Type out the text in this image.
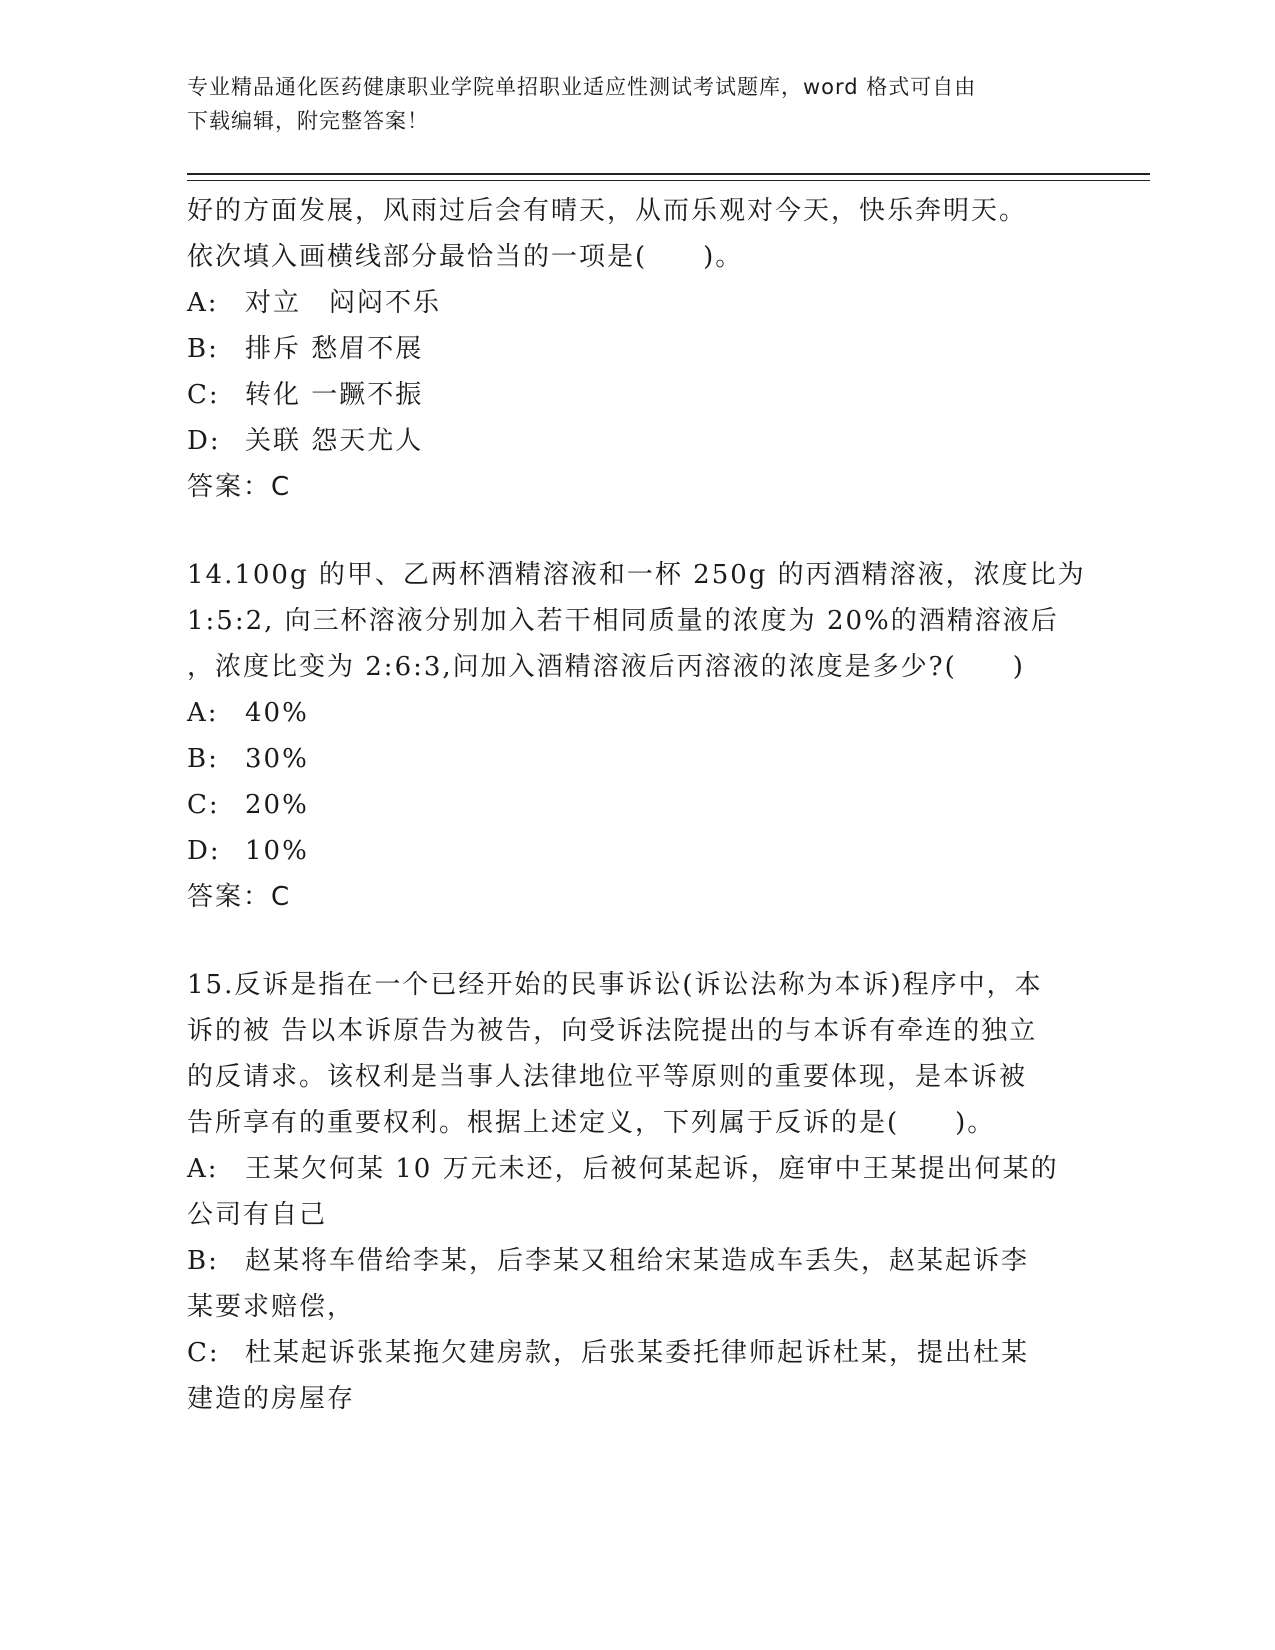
专业精品通化医药健康职业学院单招职业适应性测试考试题库，word 格式可自由
下载编辑，附完整答案！

好的方面发展，风雨过后会有晴天，从而乐观对今天，快乐奔明天。

依次填入画横线部分最恰当的一项是(　　)。

A: 对立　闷闷不乐

B: 排斥 愁眉不展

C: 转化 一蹶不振

D: 关联 怨天尤人

答案：C

14.100g 的甲、乙两杯酒精溶液和一杯 250g 的丙酒精溶液，浓度比为

1:5:2, 向三杯溶液分别加入若干相同质量的浓度为 20%的酒精溶液后

，浓度比变为 2:6:3,问加入酒精溶液后丙溶液的浓度是多少?(　　)

A: 40%

B: 30%

C: 20%

D: 10%

答案：C

15.反诉是指在一个已经开始的民事诉讼(诉讼法称为本诉)程序中，本

诉的被 告以本诉原告为被告，向受诉法院提出的与本诉有牵连的独立

的反请求。该权利是当事人法律地位平等原则的重要体现，是本诉被

告所享有的重要权利。根据上述定义，下列属于反诉的是(　　)。

A: 王某欠何某 10 万元未还，后被何某起诉，庭审中王某提出何某的

公司有自己

B: 赵某将车借给李某，后李某又租给宋某造成车丢失，赵某起诉李

某要求赔偿，

C: 杜某起诉张某拖欠建房款，后张某委托律师起诉杜某，提出杜某

建造的房屋存
